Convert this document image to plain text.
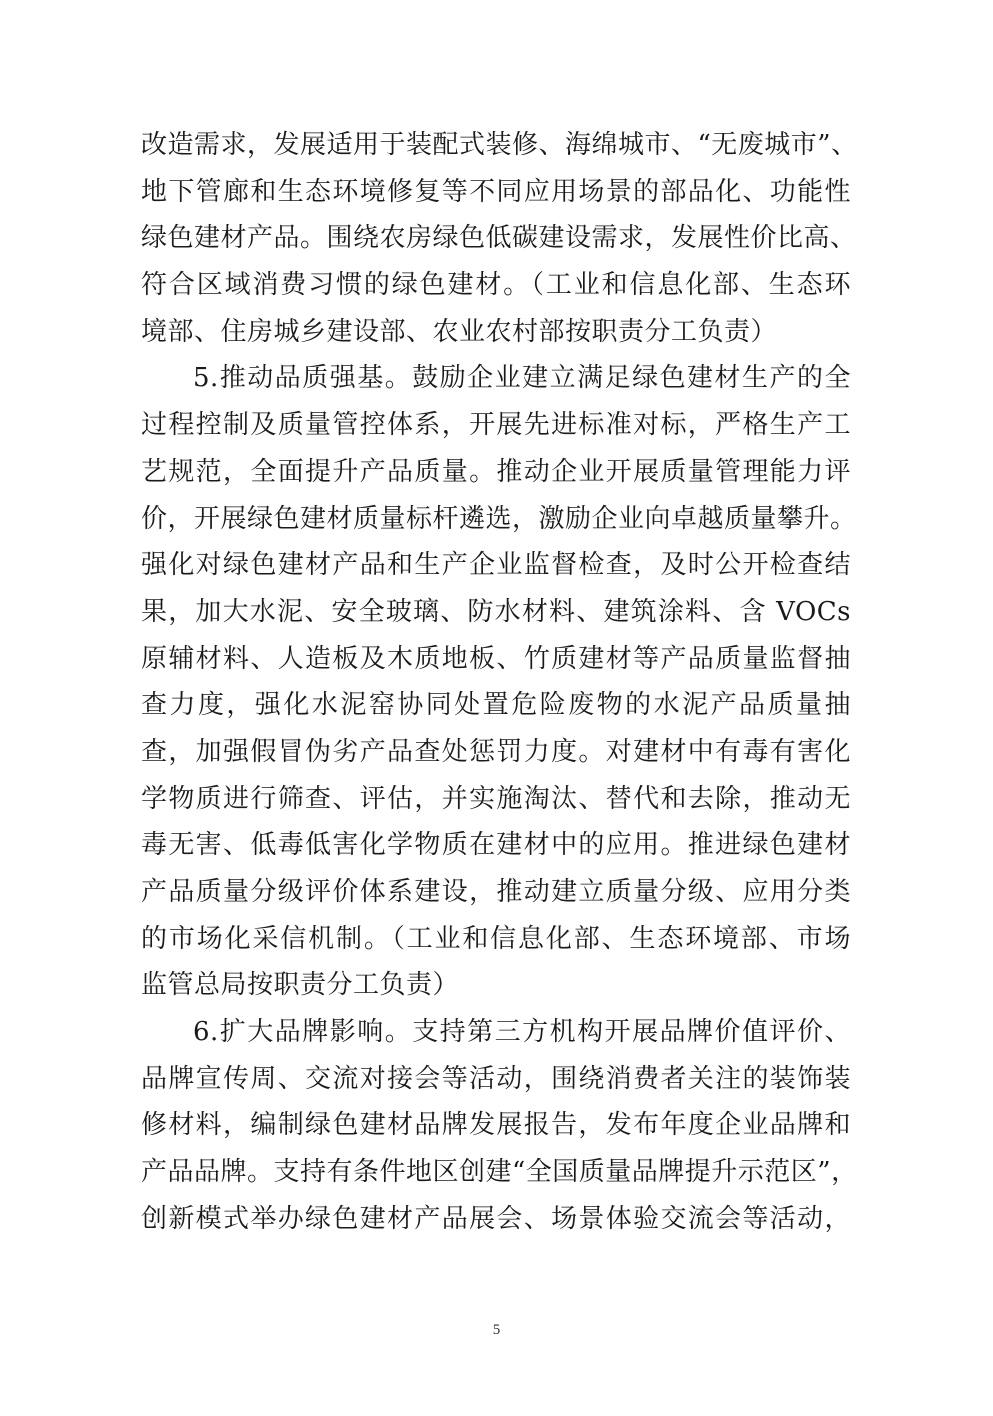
改造需求，发展适用于装配式装修、海绵城市、“无废城市”、
地下管廊和生态环境修复等不同应用场景的部品化、功能性
绿色建材产品。围绕农房绿色低碳建设需求，发展性价比高、
符合区域消费习惯的绿色建材。（工业和信息化部、生态环
境部、住房城乡建设部、农业农村部按职责分工负责）
5.推动品质强基。鼓励企业建立满足绿色建材生产的全
过程控制及质量管控体系，开展先进标准对标，严格生产工
艺规范，全面提升产品质量。推动企业开展质量管理能力评
价，开展绿色建材质量标杆遴选，激励企业向卓越质量攀升。
强化对绿色建材产品和生产企业监督检查，及时公开检查结
果，加大水泥、安全玻璃、防水材料、建筑涂料、含 VOCs
原辅材料、人造板及木质地板、竹质建材等产品质量监督抽
查力度，强化水泥窑协同处置危险废物的水泥产品质量抽
查，加强假冒伪劣产品查处惩罚力度。对建材中有毒有害化
学物质进行筛查、评估，并实施淘汰、替代和去除，推动无
毒无害、低毒低害化学物质在建材中的应用。推进绿色建材
产品质量分级评价体系建设，推动建立质量分级、应用分类
的市场化采信机制。（工业和信息化部、生态环境部、市场
监管总局按职责分工负责）
6.扩大品牌影响。支持第三方机构开展品牌价值评价、
品牌宣传周、交流对接会等活动，围绕消费者关注的装饰装
修材料，编制绿色建材品牌发展报告，发布年度企业品牌和
产品品牌。支持有条件地区创建“全国质量品牌提升示范区”，
创新模式举办绿色建材产品展会、场景体验交流会等活动，
5
